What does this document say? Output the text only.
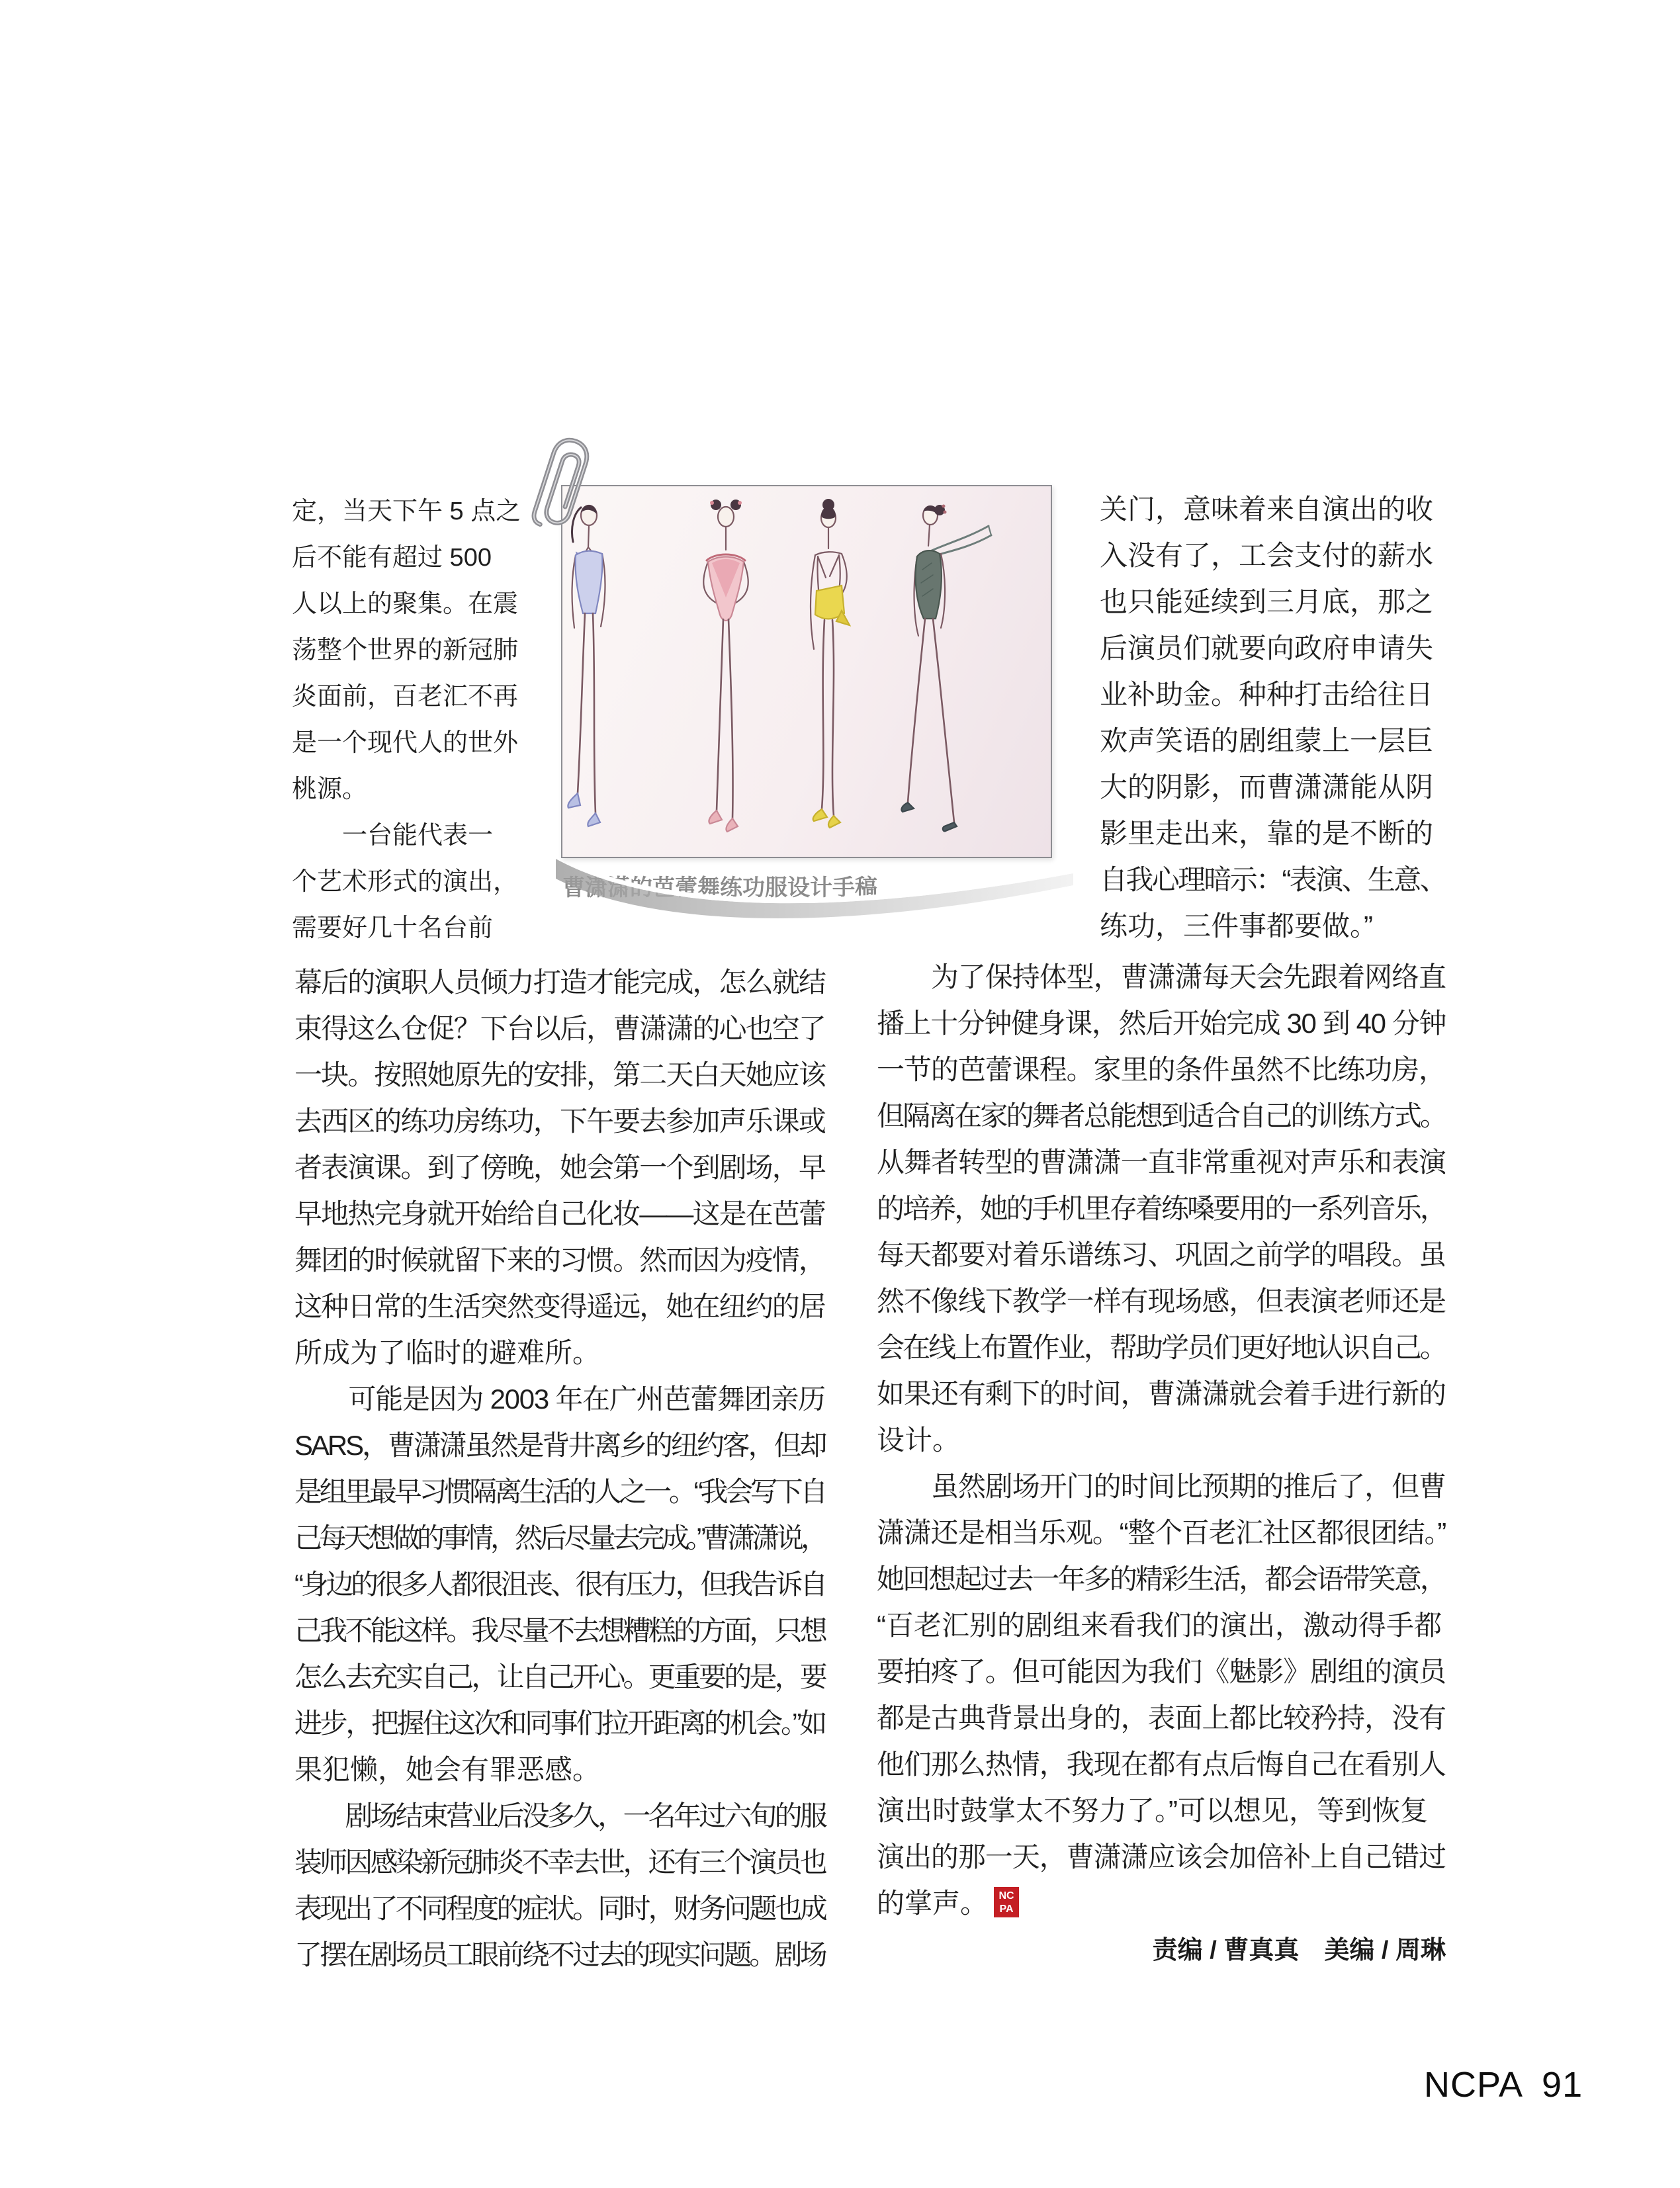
曹潇潇的芭蕾舞练功服设计手稿
定，当天下午 5 点之
后不能有超过 500
人以上的聚集。在震
荡整个世界的新冠肺
炎面前，百老汇不再
是一个现代人的世外
桃源。
　　一台能代表一
个艺术形式的演出，
需要好几十名台前
关门，意味着来自演出的收
入没有了，工会支付的薪水
也只能延续到三月底，那之
后演员们就要向政府申请失
业补助金。种种打击给往日
欢声笑语的剧组蒙上一层巨
大的阴影，而曹潇潇能从阴
影里走出来，靠的是不断的
自我心理暗示：“表演、生意、
练功，三件事都要做。”
幕后的演职人员倾力打造才能完成，怎么就结
束得这么仓促？下台以后，曹潇潇的心也空了
一块。按照她原先的安排，第二天白天她应该
去西区的练功房练功，下午要去参加声乐课或
者表演课。到了傍晚，她会第一个到剧场，早
早地热完身就开始给自己化妆——这是在芭蕾
舞团的时候就留下来的习惯。然而因为疫情，
这种日常的生活突然变得遥远，她在纽约的居
所成为了临时的避难所。
　　可能是因为 2003 年在广州芭蕾舞团亲历
SARS，曹潇潇虽然是背井离乡的纽约客，但却
是组里最早习惯隔离生活的人之一。“我会写下自
己每天想做的事情，然后尽量去完成。”曹潇潇说，
“身边的很多人都很沮丧、很有压力，但我告诉自
己我不能这样。我尽量不去想糟糕的方面，只想
怎么去充实自己，让自己开心。更重要的是，要
进步，把握住这次和同事们拉开距离的机会。”如
果犯懒，她会有罪恶感。
　　剧场结束营业后没多久，一名年过六旬的服
装师因感染新冠肺炎不幸去世，还有三个演员也
表现出了不同程度的症状。同时，财务问题也成
了摆在剧场员工眼前绕不过去的现实问题。剧场
　　为了保持体型，曹潇潇每天会先跟着网络直
播上十分钟健身课，然后开始完成 30 到 40 分钟
一节的芭蕾课程。家里的条件虽然不比练功房，
但隔离在家的舞者总能想到适合自己的训练方式。
从舞者转型的曹潇潇一直非常重视对声乐和表演
的培养，她的手机里存着练嗓要用的一系列音乐，
每天都要对着乐谱练习、巩固之前学的唱段。虽
然不像线下教学一样有现场感，但表演老师还是
会在线上布置作业，帮助学员们更好地认识自己。
如果还有剩下的时间，曹潇潇就会着手进行新的
设计。
　　虽然剧场开门的时间比预期的推后了，但曹
潇潇还是相当乐观。“整个百老汇社区都很团结。”
她回想起过去一年多的精彩生活，都会语带笑意，
“百老汇别的剧组来看我们的演出，激动得手都
要拍疼了。但可能因为我们《魅影》剧组的演员
都是古典背景出身的，表面上都比较矜持，没有
他们那么热情，我现在都有点后悔自己在看别人
演出时鼓掌太不努力了。”可以想见，等到恢复
演出的那一天，曹潇潇应该会加倍补上自己错过
的掌声。	NC
PA
责编 / 曹真真　美编 / 周琳
NCPA 91
